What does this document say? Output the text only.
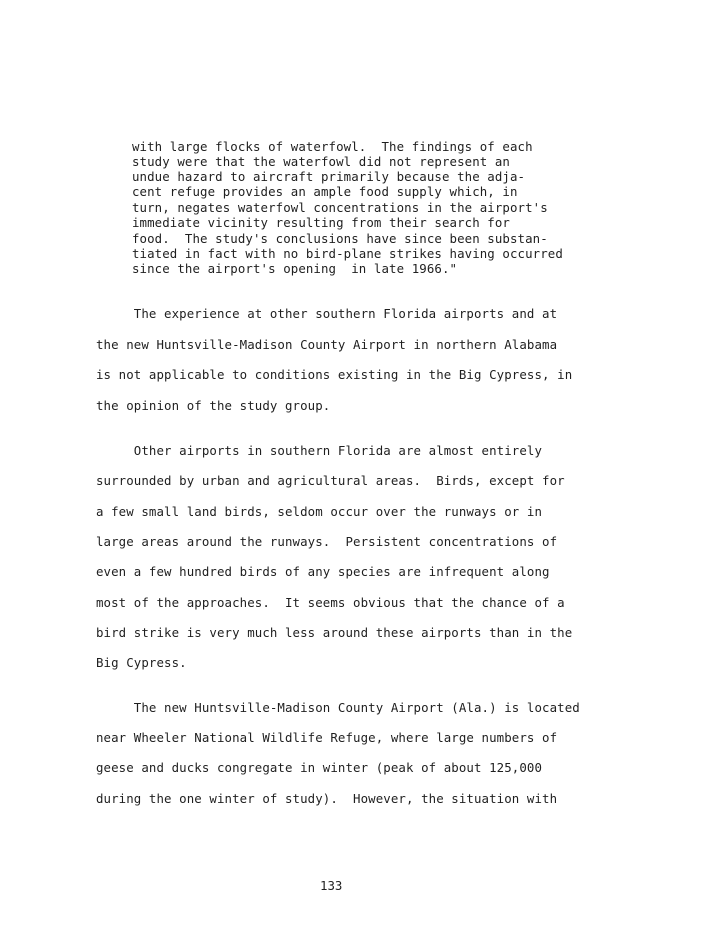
with large flocks of waterfowl.  The findings of each
study were that the waterfowl did not represent an
undue hazard to aircraft primarily because the adja-
cent refuge provides an ample food supply which, in
turn, negates waterfowl concentrations in the airport's
immediate vicinity resulting from their search for
food.  The study's conclusions have since been substan-
tiated in fact with no bird-plane strikes having occurred
since the airport's opening  in late 1966."
The experience at other southern Florida airports and at
the new Huntsville-Madison County Airport in northern Alabama
is not applicable to conditions existing in the Big Cypress, in
the opinion of the study group.
Other airports in southern Florida are almost entirely
surrounded by urban and agricultural areas.  Birds, except for
a few small land birds, seldom occur over the runways or in
large areas around the runways.  Persistent concentrations of
even a few hundred birds of any species are infrequent along
most of the approaches.  It seems obvious that the chance of a
bird strike is very much less around these airports than in the
Big Cypress.
The new Huntsville-Madison County Airport (Ala.) is located
near Wheeler National Wildlife Refuge, where large numbers of
geese and ducks congregate in winter (peak of about 125,000
during the one winter of study).  However, the situation with
133
